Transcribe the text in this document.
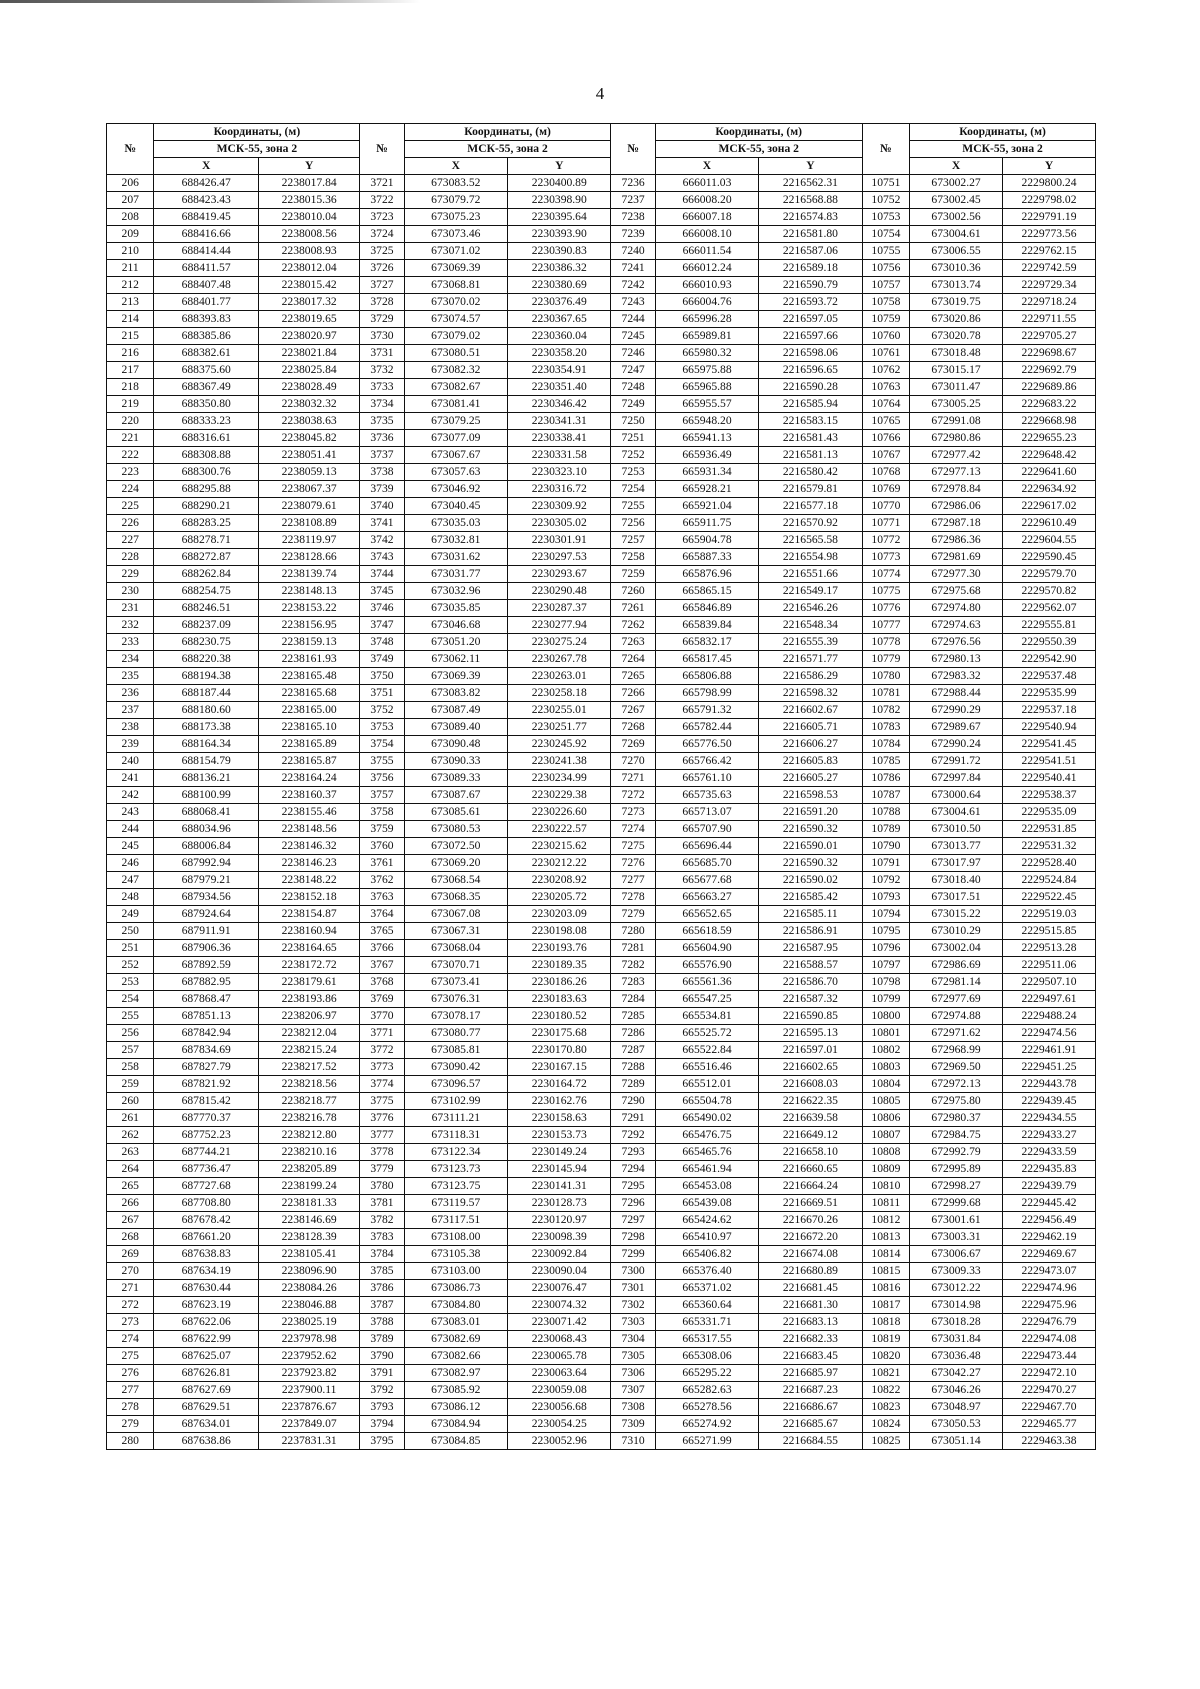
4
№	Координаты, (м)		№	Координаты, (м)		№	Координаты, (м)		№	Координаты, (м)	
	МСК-55, зона 2			МСК-55, зона 2			МСК-55, зона 2			МСК-55, зона 2	
	X	Y		X	Y		X	Y		X	Y
206	688426.47	2238017.84	3721	673083.52	2230400.89	7236	666011.03	2216562.31	10751	673002.27	2229800.24
207	688423.43	2238015.36	3722	673079.72	2230398.90	7237	666008.20	2216568.88	10752	673002.45	2229798.02
208	688419.45	2238010.04	3723	673075.23	2230395.64	7238	666007.18	2216574.83	10753	673002.56	2229791.19
209	688416.66	2238008.56	3724	673073.46	2230393.90	7239	666008.10	2216581.80	10754	673004.61	2229773.56
210	688414.44	2238008.93	3725	673071.02	2230390.83	7240	666011.54	2216587.06	10755	673006.55	2229762.15
211	688411.57	2238012.04	3726	673069.39	2230386.32	7241	666012.24	2216589.18	10756	673010.36	2229742.59
212	688407.48	2238015.42	3727	673068.81	2230380.69	7242	666010.93	2216590.79	10757	673013.74	2229729.34
213	688401.77	2238017.32	3728	673070.02	2230376.49	7243	666004.76	2216593.72	10758	673019.75	2229718.24
214	688393.83	2238019.65	3729	673074.57	2230367.65	7244	665996.28	2216597.05	10759	673020.86	2229711.55
215	688385.86	2238020.97	3730	673079.02	2230360.04	7245	665989.81	2216597.66	10760	673020.78	2229705.27
216	688382.61	2238021.84	3731	673080.51	2230358.20	7246	665980.32	2216598.06	10761	673018.48	2229698.67
217	688375.60	2238025.84	3732	673082.32	2230354.91	7247	665975.88	2216596.65	10762	673015.17	2229692.79
218	688367.49	2238028.49	3733	673082.67	2230351.40	7248	665965.88	2216590.28	10763	673011.47	2229689.86
219	688350.80	2238032.32	3734	673081.41	2230346.42	7249	665955.57	2216585.94	10764	673005.25	2229683.22
220	688333.23	2238038.63	3735	673079.25	2230341.31	7250	665948.20	2216583.15	10765	672991.08	2229668.98
221	688316.61	2238045.82	3736	673077.09	2230338.41	7251	665941.13	2216581.43	10766	672980.86	2229655.23
222	688308.88	2238051.41	3737	673067.67	2230331.58	7252	665936.49	2216581.13	10767	672977.42	2229648.42
223	688300.76	2238059.13	3738	673057.63	2230323.10	7253	665931.34	2216580.42	10768	672977.13	2229641.60
224	688295.88	2238067.37	3739	673046.92	2230316.72	7254	665928.21	2216579.81	10769	672978.84	2229634.92
225	688290.21	2238079.61	3740	673040.45	2230309.92	7255	665921.04	2216577.18	10770	672986.06	2229617.02
226	688283.25	2238108.89	3741	673035.03	2230305.02	7256	665911.75	2216570.92	10771	672987.18	2229610.49
227	688278.71	2238119.97	3742	673032.81	2230301.91	7257	665904.78	2216565.58	10772	672986.36	2229604.55
228	688272.87	2238128.66	3743	673031.62	2230297.53	7258	665887.33	2216554.98	10773	672981.69	2229590.45
229	688262.84	2238139.74	3744	673031.77	2230293.67	7259	665876.96	2216551.66	10774	672977.30	2229579.70
230	688254.75	2238148.13	3745	673032.96	2230290.48	7260	665865.15	2216549.17	10775	672975.68	2229570.82
231	688246.51	2238153.22	3746	673035.85	2230287.37	7261	665846.89	2216546.26	10776	672974.80	2229562.07
232	688237.09	2238156.95	3747	673046.68	2230277.94	7262	665839.84	2216548.34	10777	672974.63	2229555.81
233	688230.75	2238159.13	3748	673051.20	2230275.24	7263	665832.17	2216555.39	10778	672976.56	2229550.39
234	688220.38	2238161.93	3749	673062.11	2230267.78	7264	665817.45	2216571.77	10779	672980.13	2229542.90
235	688194.38	2238165.48	3750	673069.39	2230263.01	7265	665806.88	2216586.29	10780	672983.32	2229537.48
236	688187.44	2238165.68	3751	673083.82	2230258.18	7266	665798.99	2216598.32	10781	672988.44	2229535.99
237	688180.60	2238165.00	3752	673087.49	2230255.01	7267	665791.32	2216602.67	10782	672990.29	2229537.18
238	688173.38	2238165.10	3753	673089.40	2230251.77	7268	665782.44	2216605.71	10783	672989.67	2229540.94
239	688164.34	2238165.89	3754	673090.48	2230245.92	7269	665776.50	2216606.27	10784	672990.24	2229541.45
240	688154.79	2238165.87	3755	673090.33	2230241.38	7270	665766.42	2216605.83	10785	672991.72	2229541.51
241	688136.21	2238164.24	3756	673089.33	2230234.99	7271	665761.10	2216605.27	10786	672997.84	2229540.41
242	688100.99	2238160.37	3757	673087.67	2230229.38	7272	665735.63	2216598.53	10787	673000.64	2229538.37
243	688068.41	2238155.46	3758	673085.61	2230226.60	7273	665713.07	2216591.20	10788	673004.61	2229535.09
244	688034.96	2238148.56	3759	673080.53	2230222.57	7274	665707.90	2216590.32	10789	673010.50	2229531.85
245	688006.84	2238146.32	3760	673072.50	2230215.62	7275	665696.44	2216590.01	10790	673013.77	2229531.32
246	687992.94	2238146.23	3761	673069.20	2230212.22	7276	665685.70	2216590.32	10791	673017.97	2229528.40
247	687979.21	2238148.22	3762	673068.54	2230208.92	7277	665677.68	2216590.02	10792	673018.40	2229524.84
248	687934.56	2238152.18	3763	673068.35	2230205.72	7278	665663.27	2216585.42	10793	673017.51	2229522.45
249	687924.64	2238154.87	3764	673067.08	2230203.09	7279	665652.65	2216585.11	10794	673015.22	2229519.03
250	687911.91	2238160.94	3765	673067.31	2230198.08	7280	665618.59	2216586.91	10795	673010.29	2229515.85
251	687906.36	2238164.65	3766	673068.04	2230193.76	7281	665604.90	2216587.95	10796	673002.04	2229513.28
252	687892.59	2238172.72	3767	673070.71	2230189.35	7282	665576.90	2216588.57	10797	672986.69	2229511.06
253	687882.95	2238179.61	3768	673073.41	2230186.26	7283	665561.36	2216586.70	10798	672981.14	2229507.10
254	687868.47	2238193.86	3769	673076.31	2230183.63	7284	665547.25	2216587.32	10799	672977.69	2229497.61
255	687851.13	2238206.97	3770	673078.17	2230180.52	7285	665534.81	2216590.85	10800	672974.88	2229488.24
256	687842.94	2238212.04	3771	673080.77	2230175.68	7286	665525.72	2216595.13	10801	672971.62	2229474.56
257	687834.69	2238215.24	3772	673085.81	2230170.80	7287	665522.84	2216597.01	10802	672968.99	2229461.91
258	687827.79	2238217.52	3773	673090.42	2230167.15	7288	665516.46	2216602.65	10803	672969.50	2229451.25
259	687821.92	2238218.56	3774	673096.57	2230164.72	7289	665512.01	2216608.03	10804	672972.13	2229443.78
260	687815.42	2238218.77	3775	673102.99	2230162.76	7290	665504.78	2216622.35	10805	672975.80	2229439.45
261	687770.37	2238216.78	3776	673111.21	2230158.63	7291	665490.02	2216639.58	10806	672980.37	2229434.55
262	687752.23	2238212.80	3777	673118.31	2230153.73	7292	665476.75	2216649.12	10807	672984.75	2229433.27
263	687744.21	2238210.16	3778	673122.34	2230149.24	7293	665465.76	2216658.10	10808	672992.79	2229433.59
264	687736.47	2238205.89	3779	673123.73	2230145.94	7294	665461.94	2216660.65	10809	672995.89	2229435.83
265	687727.68	2238199.24	3780	673123.75	2230141.31	7295	665453.08	2216664.24	10810	672998.27	2229439.79
266	687708.80	2238181.33	3781	673119.57	2230128.73	7296	665439.08	2216669.51	10811	672999.68	2229445.42
267	687678.42	2238146.69	3782	673117.51	2230120.97	7297	665424.62	2216670.26	10812	673001.61	2229456.49
268	687661.20	2238128.39	3783	673108.00	2230098.39	7298	665410.97	2216672.20	10813	673003.31	2229462.19
269	687638.83	2238105.41	3784	673105.38	2230092.84	7299	665406.82	2216674.08	10814	673006.67	2229469.67
270	687634.19	2238096.90	3785	673103.00	2230090.04	7300	665376.40	2216680.89	10815	673009.33	2229473.07
271	687630.44	2238084.26	3786	673086.73	2230076.47	7301	665371.02	2216681.45	10816	673012.22	2229474.96
272	687623.19	2238046.88	3787	673084.80	2230074.32	7302	665360.64	2216681.30	10817	673014.98	2229475.96
273	687622.06	2238025.19	3788	673083.01	2230071.42	7303	665331.71	2216683.13	10818	673018.28	2229476.79
274	687622.99	2237978.98	3789	673082.69	2230068.43	7304	665317.55	2216682.33	10819	673031.84	2229474.08
275	687625.07	2237952.62	3790	673082.66	2230065.78	7305	665308.06	2216683.45	10820	673036.48	2229473.44
276	687626.81	2237923.82	3791	673082.97	2230063.64	7306	665295.22	2216685.97	10821	673042.27	2229472.10
277	687627.69	2237900.11	3792	673085.92	2230059.08	7307	665282.63	2216687.23	10822	673046.26	2229470.27
278	687629.51	2237876.67	3793	673086.12	2230056.68	7308	665278.56	2216686.67	10823	673048.97	2229467.70
279	687634.01	2237849.07	3794	673084.94	2230054.25	7309	665274.92	2216685.67	10824	673050.53	2229465.77
280	687638.86	2237831.31	3795	673084.85	2230052.96	7310	665271.99	2216684.55	10825	673051.14	2229463.38
